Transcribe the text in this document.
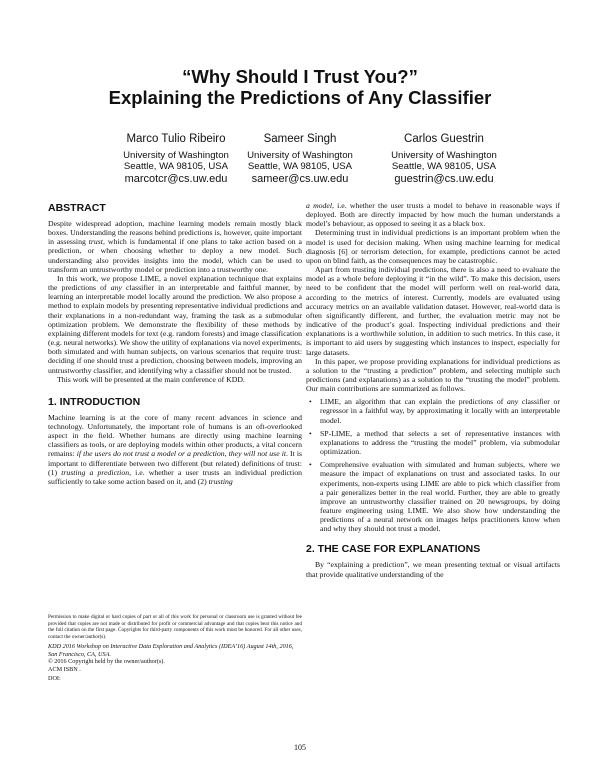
“Why Should I Trust You?”
Explaining the Predictions of Any Classifier
Marco Tulio Ribeiro
University of Washington
Seattle, WA 98105, USA
marcotcr@cs.uw.edu
Sameer Singh
University of Washington
Seattle, WA 98105, USA
sameer@cs.uw.edu
Carlos Guestrin
University of Washington
Seattle, WA 98105, USA
guestrin@cs.uw.edu
ABSTRACT

Despite widespread adoption, machine learning models remain mostly black boxes. Understanding the reasons behind predictions is, however, quite important in assessing trust, which is fundamental if one plans to take action based on a prediction, or when choosing whether to deploy a new model. Such understanding also provides insights into the model, which can be used to transform an untrustworthy model or prediction into a trustworthy one.

In this work, we propose LIME, a novel explanation technique that explains the predictions of any classifier in an interpretable and faithful manner, by learning an interpretable model locally around the prediction. We also propose a method to explain models by presenting representative individual predictions and their explanations in a non-redundant way, framing the task as a submodular optimization problem. We demonstrate the flexibility of these methods by explaining different models for text (e.g. random forests) and image classification (e.g. neural networks). We show the utility of explanations via novel experiments, both simulated and with human subjects, on various scenarios that require trust: deciding if one should trust a prediction, choosing between models, improving an untrustworthy classifier, and identifying why a classifier should not be trusted.

This work will be presented at the main conference of KDD.

1. INTRODUCTION

Machine learning is at the core of many recent advances in science and technology. Unfortunately, the important role of humans is an oft-overlooked aspect in the field. Whether humans are directly using machine learning classifiers as tools, or are deploying models within other products, a vital concern remains: if the users do not trust a model or a prediction, they will not use it. It is important to differentiate between two different (but related) definitions of trust: (1) trusting a prediction, i.e. whether a user trusts an individual prediction sufficiently to take some action based on it, and (2) trusting

Permission to make digital or hard copies of part or all of this work for personal or classroom use is granted without fee provided that copies are not made or distributed for profit or commercial advantage and that copies bear this notice and the full citation on the first page. Copyrights for third-party components of this work must be honored. For all other uses, contact the owner/author(s).
KDD 2016 Workshop on Interactive Data Exploration and Analytics (IDEA’16) August 14th, 2016, San Francisco, CA, USA.
© 2016 Copyright held by the owner/author(s).
ACM ISBN .
DOI:

a model, i.e. whether the user trusts a model to behave in reasonable ways if deployed. Both are directly impacted by how much the human understands a model’s behaviour, as opposed to seeing it as a black box.

Determining trust in individual predictions is an important problem when the model is used for decision making. When using machine learning for medical diagnosis [6] or terrorism detection, for example, predictions cannot be acted upon on blind faith, as the consequences may be catastrophic.

Apart from trusting individual predictions, there is also a need to evaluate the model as a whole before deploying it “in the wild”. To make this decision, users need to be confident that the model will perform well on real-world data, according to the metrics of interest. Currently, models are evaluated using accuracy metrics on an available validation dataset. However, real-world data is often significantly different, and further, the evaluation metric may not be indicative of the product’s goal. Inspecting individual predictions and their explanations is a worthwhile solution, in addition to such metrics. In this case, it is important to aid users by suggesting which instances to inspect, especially for large datasets.

In this paper, we propose providing explanations for individual predictions as a solution to the “trusting a prediction” problem, and selecting multiple such predictions (and explanations) as a solution to the “trusting the model” problem. Our main contributions are summarized as follows.

• LIME, an algorithm that can explain the predictions of any classifier or regressor in a faithful way, by approximating it locally with an interpretable model.
• SP-LIME, a method that selects a set of representative instances with explanations to address the “trusting the model” problem, via submodular optimization.
• Comprehensive evaluation with simulated and human subjects, where we measure the impact of explanations on trust and associated tasks. In our experiments, non-experts using LIME are able to pick which classifier from a pair generalizes better in the real world. Further, they are able to greatly improve an untrustworthy classifier trained on 20 newsgroups, by doing feature engineering using LIME. We also show how understanding the predictions of a neural network on images helps practitioners know when and why they should not trust a model.
2. THE CASE FOR EXPLANATIONS

By “explaining a prediction”, we mean presenting textual or visual artifacts that provide qualitative understanding of the

105
